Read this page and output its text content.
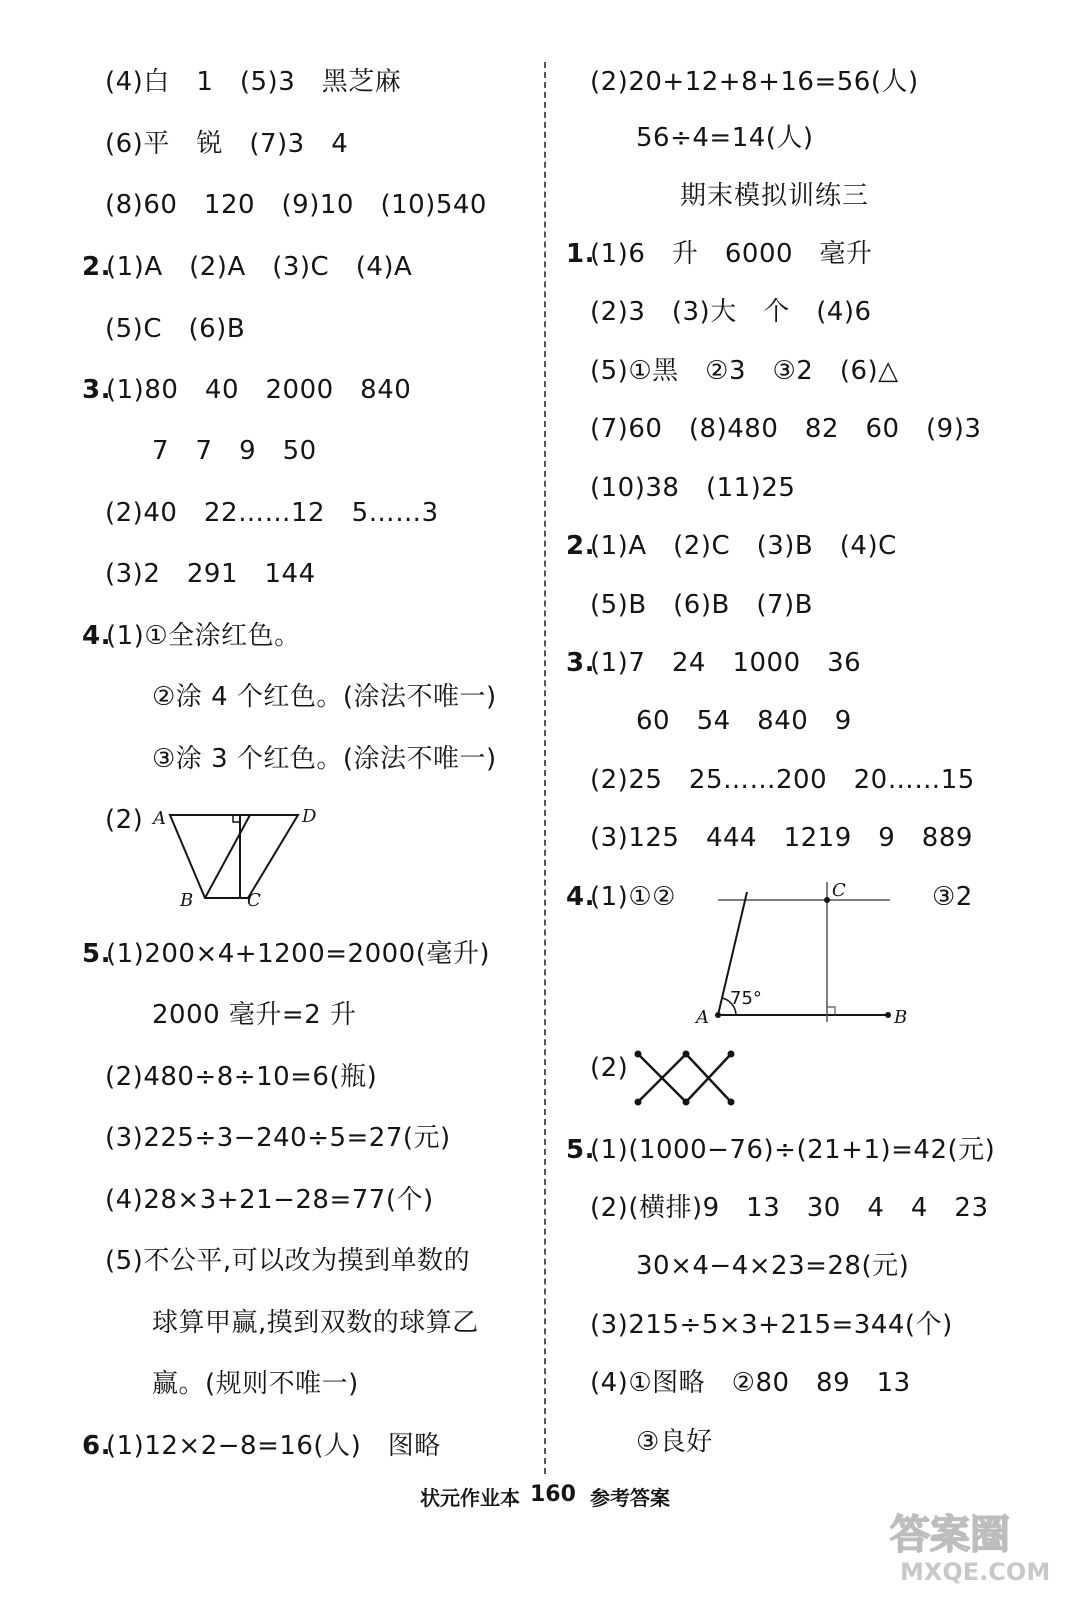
(4)白　1　(5)3　黑芝麻
(6)平　锐　(7)3　4
(8)60　120　(9)10　(10)540
2.
(1)A　(2)A　(3)C　(4)A
(5)C　(6)B
3.
(1)80　40　2000　840
7　7　9　50
(2)40　22……12　5……3
(3)2　291　144
4.
(1)①全涂红色。
②涂 4 个红色。(涂法不唯一)
③涂 3 个红色。(涂法不唯一)
(2) A	D
B	C
5.
(1)200×4+1200=2000(毫升)
2000 毫升=2 升
(2)480÷8÷10=6(瓶)
(3)225÷3−240÷5=27(元)
(4)28×3+21−28=77(个)
(5)不公平,可以改为摸到单数的
球算甲赢,摸到双数的球算乙
赢。(规则不唯一)
6.
(1)12×2−8=16(人)　图略
(2)20+12+8+16=56(人)
56÷4=14(人)
期末模拟训练三
1.
(1)6　升　6000　毫升
(2)3　(3)大　个　(4)6
(5)①黑　②3　③2　(6)△
(7)60　(8)480　82　60　(9)3
(10)38　(11)25
2.
(1)A　(2)C　(3)B　(4)C
(5)B　(6)B　(7)B
3.
(1)7　24　1000　36
60　54　840　9
(2)25　25……200　20……15
(3)125　444　1219　9　889
4.
(1)①②	③2
75°
A	B
C
(2)
5.
(1)(1000−76)÷(21+1)=42(元)
(2)(横排)9　13　30　4　4　23
30×4−4×23=28(元)
(3)215÷5×3+215=344(个)
(4)①图略　②80　89　13
③良好
状元作业本 160 参考答案
答案圈
MXQE.COM
